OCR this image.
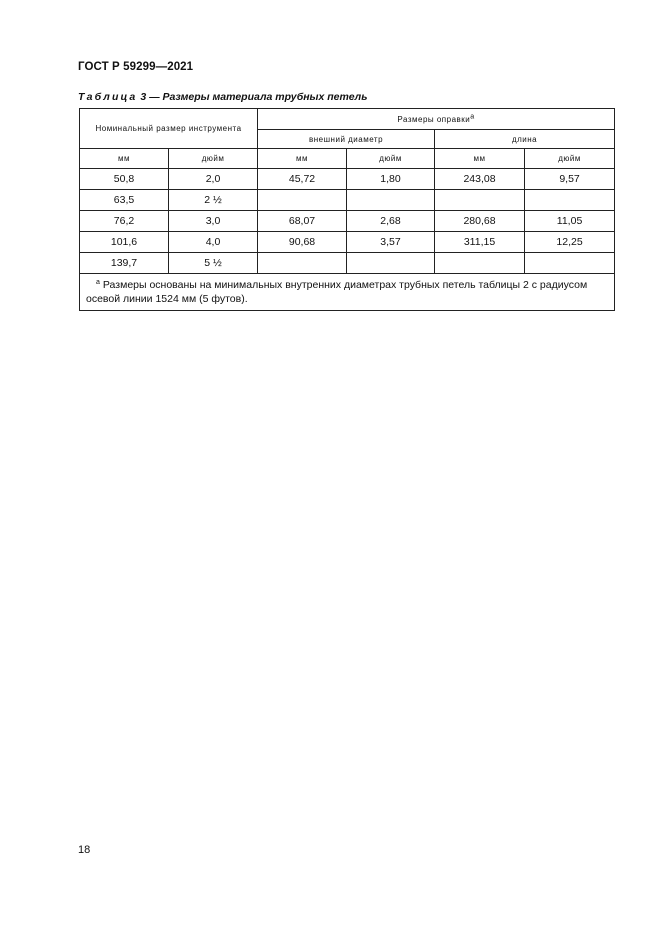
ГОСТ Р 59299—2021
Таблица 3 — Размеры материала трубных петель
Номинальный размер инструмента		Размеры оправки$^a$
		внешний диаметр		длина	
мм	дюйм	мм	дюйм	мм	дюйм
50,8	2,0	45,72	1,80	243,08	9,57
63,5	2 ½				
76,2	3,0	68,07	2,68	280,68	11,05
101,6	4,0	90,68	3,57	311,15	12,25
139,7	5 ½				
$^a$ Размеры основаны на минимальных внутренних диаметрах трубных петель таблицы 2 с радиусом осевой линии 1524 мм (5 футов).					
18
